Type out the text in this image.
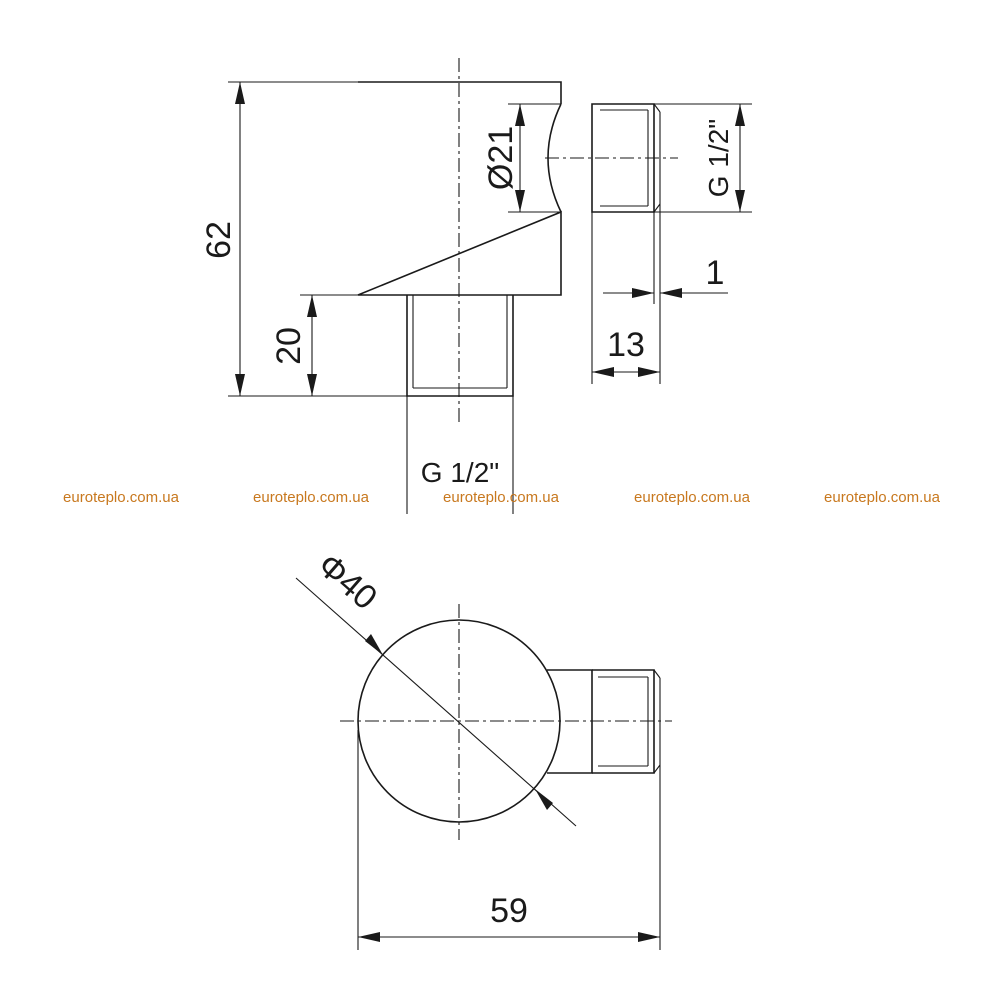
62
20
G 1/2"
Ø21	G 1/2"
1
13
euroteplo.com.ua	euroteplo.com.ua	euroteplo.com.ua	euroteplo.com.ua	euroteplo.com.ua
Φ40
59
